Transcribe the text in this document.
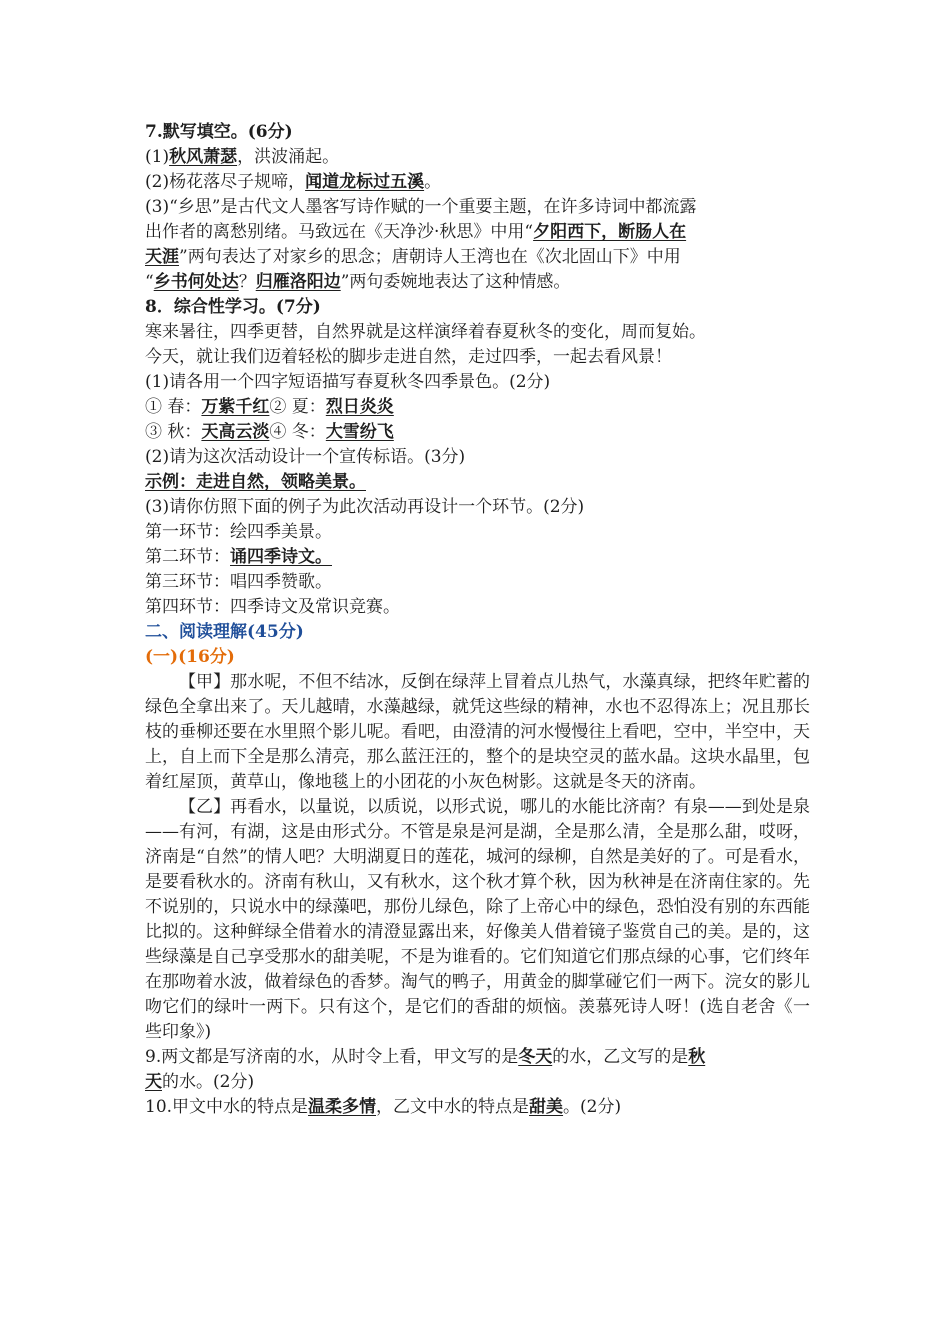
7.默写填空。(6分)
(1)秋风萧瑟，洪波涌起。
(2)杨花落尽子规啼，闻道龙标过五溪。
(3)“乡思”是古代文人墨客写诗作赋的一个重要主题，在许多诗词中都流露
出作者的离愁别绪。马致远在《天净沙·秋思》中用“夕阳西下，断肠人在
天涯”两句表达了对家乡的思念；唐朝诗人王湾也在《次北固山下》中用
“乡书何处达？归雁洛阳边”两句委婉地表达了这种情感。
8．综合性学习。(7分)
寒来暑往，四季更替，自然界就是这样演绎着春夏秋冬的变化，周而复始。
今天，就让我们迈着轻松的脚步走进自然，走过四季，一起去看风景！
(1)请各用一个四字短语描写春夏秋冬四季景色。(2分)
① 春：万紫千红② 夏：烈日炎炎
③ 秋：天高云淡④ 冬：大雪纷飞
(2)请为这次活动设计一个宣传标语。(3分)
示例：走进自然，领略美景。
(3)请你仿照下面的例子为此次活动再设计一个环节。(2分)
第一环节：绘四季美景。
第二环节：诵四季诗文。
第三环节：唱四季赞歌。
第四环节：四季诗文及常识竞赛。
二、阅读理解(45分)
(一)(16分)
【甲】那水呢，不但不结冰，反倒在绿萍上冒着点儿热气，水藻真绿，把终年贮蓄的绿色全拿出来了。天儿越晴，水藻越绿，就凭这些绿的精神，水也不忍得冻上；况且那长枝的垂柳还要在水里照个影儿呢。看吧，由澄清的河水慢慢往上看吧，空中，半空中，天上，自上而下全是那么清亮，那么蓝汪汪的，整个的是块空灵的蓝水晶。这块水晶里，包着红屋顶，黄草山，像地毯上的小团花的小灰色树影。这就是冬天的济南。
【乙】再看水，以量说，以质说，以形式说，哪儿的水能比济南？有泉——到处是泉——有河，有湖，这是由形式分。不管是泉是河是湖，全是那么清，全是那么甜，哎呀，济南是“自然”的情人吧？大明湖夏日的莲花，城河的绿柳，自然是美好的了。可是看水，是要看秋水的。济南有秋山，又有秋水，这个秋才算个秋，因为秋神是在济南住家的。先不说别的，只说水中的绿藻吧，那份儿绿色，除了上帝心中的绿色，恐怕没有别的东西能比拟的。这种鲜绿全借着水的清澄显露出来，好像美人借着镜子鉴赏自己的美。是的，这些绿藻是自己享受那水的甜美呢，不是为谁看的。它们知道它们那点绿的心事，它们终年在那吻着水波，做着绿色的香梦。淘气的鸭子，用黄金的脚掌碰它们一两下。浣女的影儿吻它们的绿叶一两下。只有这个，是它们的香甜的烦恼。羡慕死诗人呀！(选自老舍《一些印象》)
9.两文都是写济南的水，从时令上看，甲文写的是冬天的水，乙文写的是秋
天的水。(2分)
10.甲文中水的特点是温柔多情，乙文中水的特点是甜美。(2分)
